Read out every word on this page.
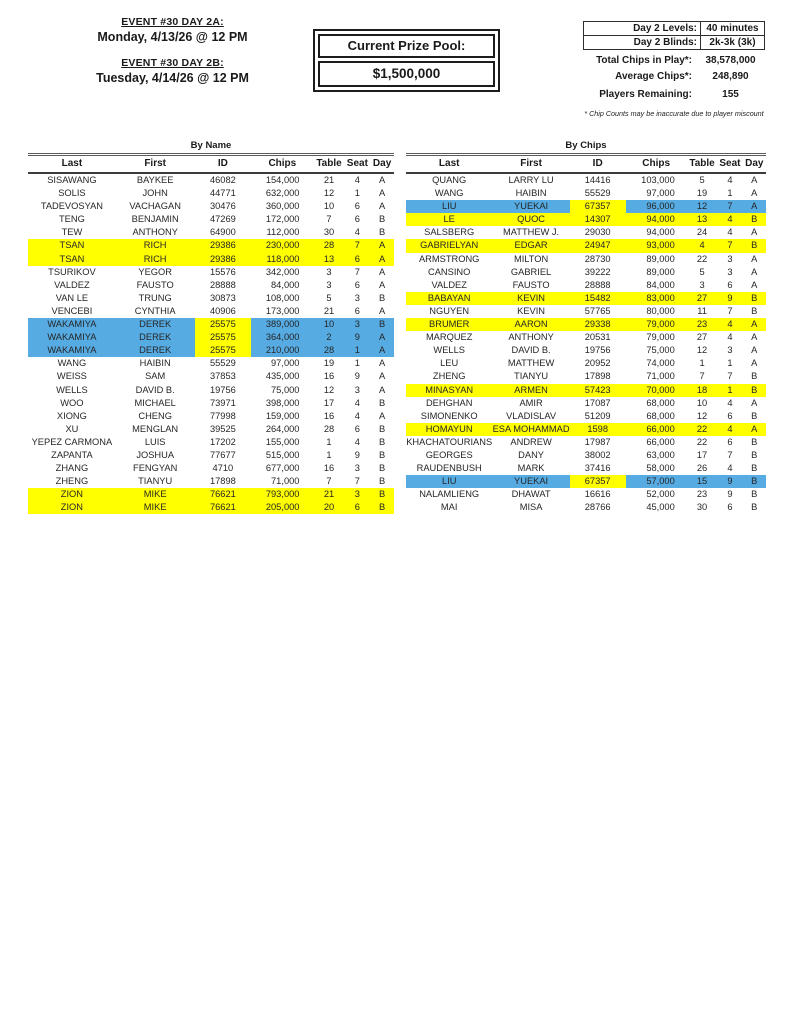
EVENT #30 DAY 2A:
Monday, 4/13/26 @ 12 PM
EVENT #30 DAY 2B:
Tuesday, 4/14/26 @ 12 PM
Current Prize Pool:
$1,500,000
Day 2 Levels:	40 minutes
Day 2 Blinds:	2k-3k (3k)
Total Chips in Play*:	38,578,000
Average Chips*:	248,890
Players Remaining:	155
* Chip Counts may be inaccurate due to player miscount
By Name
Last	First	ID	Chips	Table	Seat	Day
SISAWANG	BAYKEE	46082	154,000	21	4	A
SOLIS	JOHN	44771	632,000	12	1	A
TADEVOSYAN	VACHAGAN	30476	360,000	10	6	A
TENG	BENJAMIN	47269	172,000	7	6	B
TEW	ANTHONY	64900	112,000	30	4	B
TSAN	RICH	29386	230,000	28	7	A
TSAN	RICH	29386	118,000	13	6	A
TSURIKOV	YEGOR	15576	342,000	3	7	A
VALDEZ	FAUSTO	28888	84,000	3	6	A
VAN LE	TRUNG	30873	108,000	5	3	B
VENCEBI	CYNTHIA	40906	173,000	21	6	A
WAKAMIYA	DEREK	25575	389,000	10	3	B
WAKAMIYA	DEREK	25575	364,000	2	9	A
WAKAMIYA	DEREK	25575	210,000	28	1	A
WANG	HAIBIN	55529	97,000	19	1	A
WEISS	SAM	37853	435,000	16	9	A
WELLS	DAVID B.	19756	75,000	12	3	A
WOO	MICHAEL	73971	398,000	17	4	B
XIONG	CHENG	77998	159,000	16	4	A
XU	MENGLAN	39525	264,000	28	6	B
YEPEZ CARMONA	LUIS	17202	155,000	1	4	B
ZAPANTA	JOSHUA	77677	515,000	1	9	B
ZHANG	FENGYAN	4710	677,000	16	3	B
ZHENG	TIANYU	17898	71,000	7	7	B
ZION	MIKE	76621	793,000	21	3	B
ZION	MIKE	76621	205,000	20	6	B
By Chips
Last	First	ID	Chips	Table	Seat	Day
QUANG	LARRY LU	14416	103,000	5	4	A
WANG	HAIBIN	55529	97,000	19	1	A
LIU	YUEKAI	67357	96,000	12	7	A
LE	QUOC	14307	94,000	13	4	B
SALSBERG	MATTHEW J.	29030	94,000	24	4	A
GABRIELYAN	EDGAR	24947	93,000	4	7	B
ARMSTRONG	MILTON	28730	89,000	22	3	A
CANSINO	GABRIEL	39222	89,000	5	3	A
VALDEZ	FAUSTO	28888	84,000	3	6	A
BABAYAN	KEVIN	15482	83,000	27	9	B
NGUYEN	KEVIN	57765	80,000	11	7	B
BRUMER	AARON	29338	79,000	23	4	A
MARQUEZ	ANTHONY	20531	79,000	27	4	A
WELLS	DAVID B.	19756	75,000	12	3	A
LEU	MATTHEW	20952	74,000	1	1	A
ZHENG	TIANYU	17898	71,000	7	7	B
MINASYAN	ARMEN	57423	70,000	18	1	B
DEHGHAN	AMIR	17087	68,000	10	4	A
SIMONENKO	VLADISLAV	51209	68,000	12	6	B
HOMAYUN	ESA MOHAMMAD	1598	66,000	22	4	A
KHACHATOURIANS	ANDREW	17987	66,000	22	6	B
GEORGES	DANY	38002	63,000	17	7	B
RAUDENBUSH	MARK	37416	58,000	26	4	B
LIU	YUEKAI	67357	57,000	15	9	B
NALAMLIENG	DHAWAT	16616	52,000	23	9	B
MAI	MISA	28766	45,000	30	6	B
